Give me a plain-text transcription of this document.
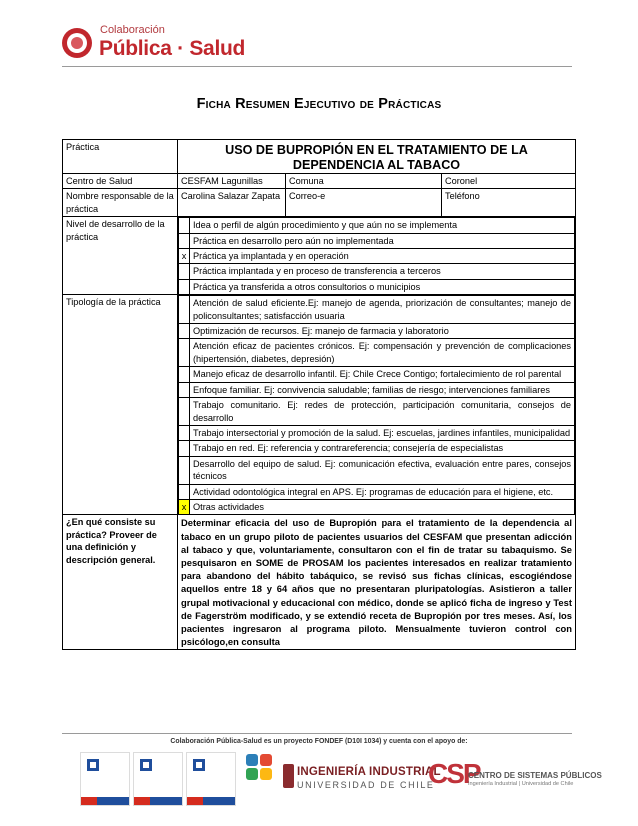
Colaboración
Pública · Salud
Ficha Resumen Ejecutivo de Prácticas
Práctica	USO DE BUPROPIÓN EN EL TRATAMIENTO DE LA DEPENDENCIA AL TABACO
Centro de Salud	CESFAM Lagunillas	Comuna	Coronel
Nombre responsable de la práctica	Carolina Salazar Zapata	Correo-e	Teléfono
Nivel de desarrollo de la práctica	
	Idea o perfil de algún procedimiento y que aún no se implementa
	Práctica en desarrollo pero aún no implementada
x	Práctica ya implantada y en operación
	Práctica implantada y en proceso de transferencia a terceros
	Práctica ya transferida a otros consultorios o municipios

Tipología de la práctica	
		Atención de salud eficiente.Ej: manejo de agenda, priorización de consultantes; manejo de policonsultantes; satisfacción usuaria
	Optimización de recursos. Ej: manejo de farmacia y laboratorio
	Atención eficaz de pacientes crónicos. Ej: compensación y prevención de complicaciones (hipertensión, diabetes, depresión)
	Manejo eficaz de desarrollo infantil. Ej: Chile Crece Contigo; fortalecimiento de rol parental
	Enfoque familiar. Ej: convivencia saludable; familias de riesgo; intervenciones familiares
	Trabajo comunitario. Ej: redes de protección, participación comunitaria, consejos de desarrollo
	Trabajo intersectorial y promoción de la salud. Ej: escuelas, jardines infantiles, municipalidad
	Trabajo en red. Ej: referencia y contrareferencia; consejería de especialistas
	Desarrollo del equipo de salud. Ej: comunicación efectiva, evaluación entre pares, consejos técnicos
	Actividad odontológica integral en APS. Ej: programas de educación para el higiene, etc.
x	Otras actividades

¿En qué consiste su práctica? Proveer de una definición y descripción general.	Determinar eficacia del uso de Bupropión para el tratamiento de la dependencia al tabaco en un grupo piloto de pacientes usuarios del CESFAM que presentan adicción al tabaco y que, voluntariamente, consultaron con el fin de tratar su tabaquismo. Se pesquisaron en SOME de PROSAM los pacientes interesados en realizar tratamiento para abandono del hábito tabáquico, se revisó sus fichas clínicas, escogiéndose aquellos entre 18 y 64 años que no presentaran pluripatologías. Asistieron a taller grupal motivacional y educacional con médico, donde se aplicó ficha de ingreso y Test de Fagerström modificado, y se extendió receta de Bupropión por tres meses. Así, los pacientes ingresaron al programa piloto. Mensualmente tuvieron control con psicólogo,en consulta
Colaboración Pública-Salud es un proyecto FONDEF (D10I 1034) y cuenta con el apoyo de:
INGENIERÍA INDUSTRIAL
UNIVERSIDAD DE CHILE
CSP
CENTRO DE SISTEMAS PÚBLICOS
Ingeniería Industrial | Universidad de Chile
